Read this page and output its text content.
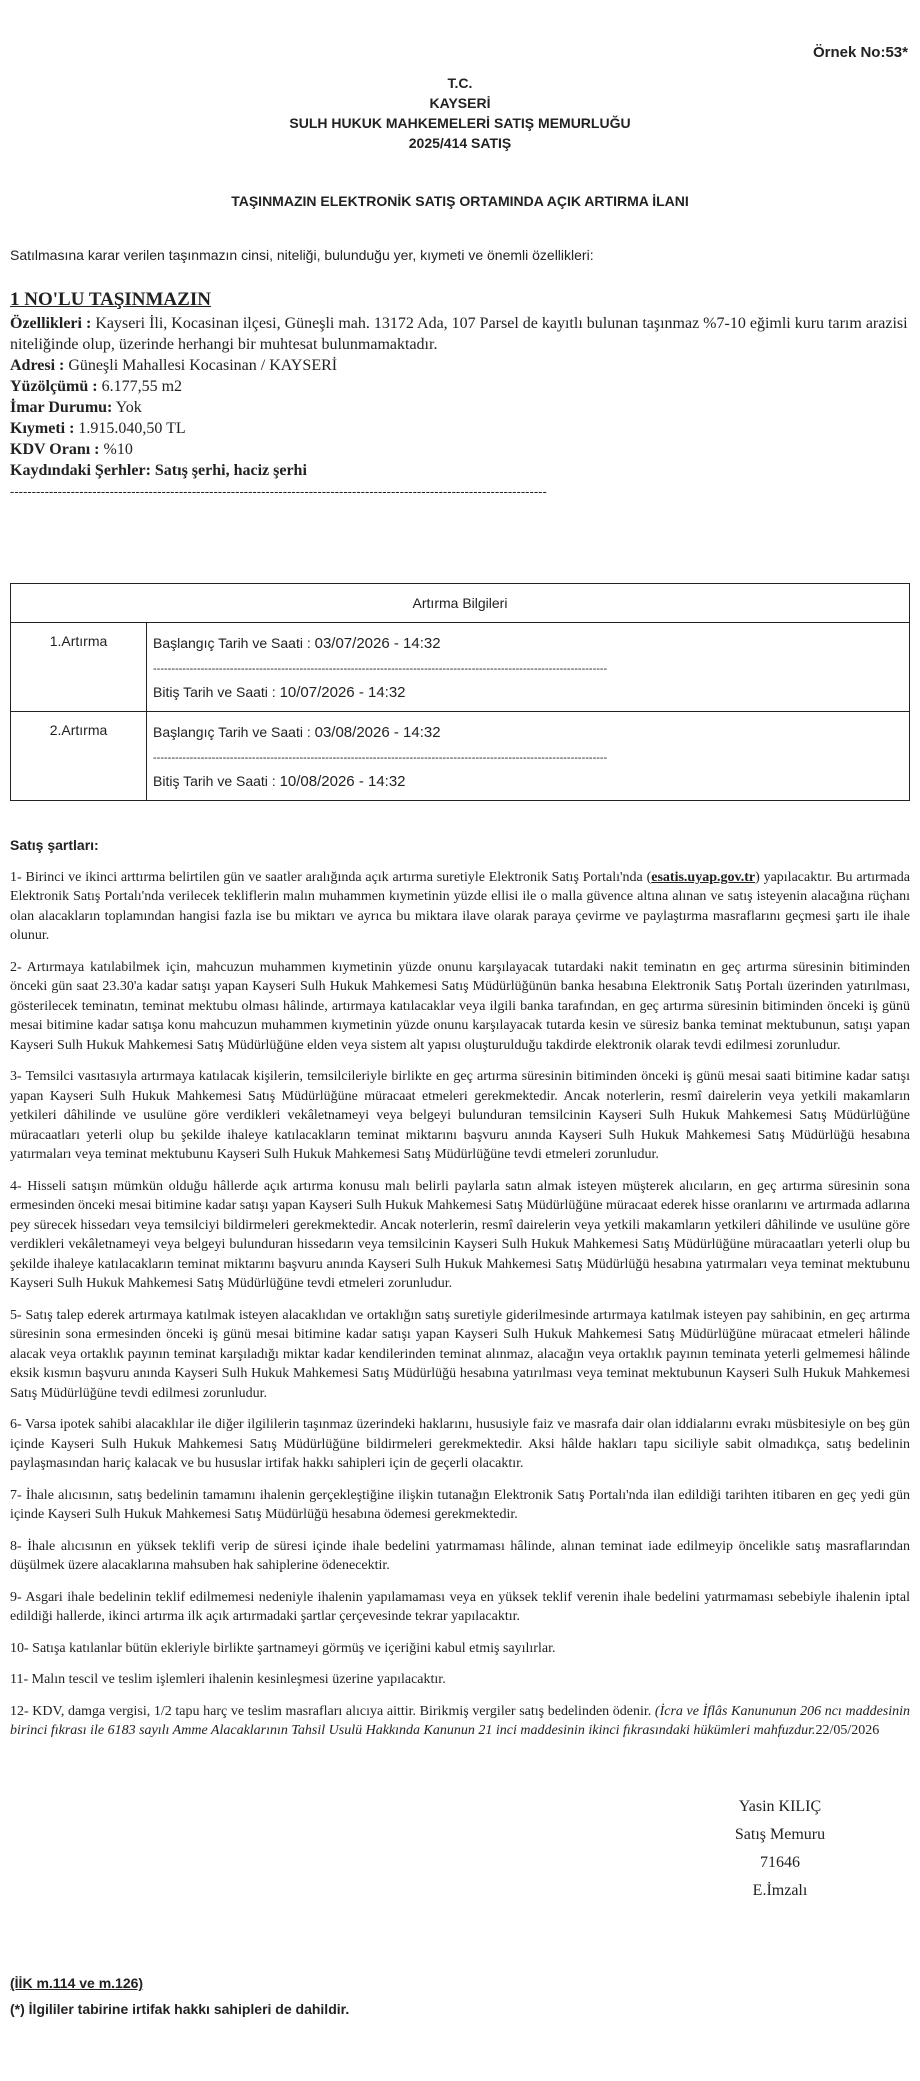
Örnek No:53*
T.C.
KAYSERİ
SULH HUKUK MAHKEMELERİ SATIŞ MEMURLUĞU
2025/414 SATIŞ
TAŞINMAZIN ELEKTRONİK SATIŞ ORTAMINDA AÇIK ARTIRMA İLANI
Satılmasına karar verilen taşınmazın cinsi, niteliği, bulunduğu yer, kıymeti ve önemli özellikleri:
1 NO'LU TAŞINMAZIN
Özellikleri : Kayseri İli, Kocasinan ilçesi, Güneşli mah. 13172 Ada, 107 Parsel de kayıtlı bulunan taşınmaz %7-10 eğimli kuru tarım arazisi niteliğinde olup, üzerinde herhangi bir muhtesat bulunmamaktadır.
Adresi : Güneşli Mahallesi Kocasinan / KAYSERİ
Yüzölçümü : 6.177,55 m2
İmar Durumu: Yok
Kıymeti : 1.915.040,50 TL
KDV Oranı : %10
Kaydındaki Şerhler: Satış şerhi, haciz şerhi
----------------------------------------------------------------------------------------------------------------------------
Artırma Bilgileri	
1.Artırma	Başlangıç Tarih ve Saati : 03/07/2026 - 14:32
----------------------------------------------------------------------------------------------------------------------------
Bitiş Tarih ve Saati : 10/07/2026 - 14:32

2.Artırma	Başlangıç Tarih ve Saati : 03/08/2026 - 14:32
----------------------------------------------------------------------------------------------------------------------------
Bitiş Tarih ve Saati : 10/08/2026 - 14:32
Satış şartları:

1- Birinci ve ikinci arttırma belirtilen gün ve saatler aralığında açık artırma suretiyle Elektronik Satış Portalı'nda (esatis.uyap.gov.tr) yapılacaktır. Bu artırmada Elektronik Satış Portalı'nda verilecek tekliflerin malın muhammen kıymetinin yüzde ellisi ile o malla güvence altına alınan ve satış isteyenin alacağına rüçhanı olan alacakların toplamından hangisi fazla ise bu miktarı ve ayrıca bu miktara ilave olarak paraya çevirme ve paylaştırma masraflarını geçmesi şartı ile ihale olunur.

2- Artırmaya katılabilmek için, mahcuzun muhammen kıymetinin yüzde onunu karşılayacak tutardaki nakit teminatın en geç artırma süresinin bitiminden önceki gün saat 23.30'a kadar satışı yapan Kayseri Sulh Hukuk Mahkemesi Satış Müdürlüğünün banka hesabına Elektronik Satış Portalı üzerinden yatırılması, gösterilecek teminatın, teminat mektubu olması hâlinde, artırmaya katılacaklar veya ilgili banka tarafından, en geç artırma süresinin bitiminden önceki iş günü mesai bitimine kadar satışa konu mahcuzun muhammen kıymetinin yüzde onunu karşılayacak tutarda kesin ve süresiz banka teminat mektubunun, satışı yapan Kayseri Sulh Hukuk Mahkemesi Satış Müdürlüğüne elden veya sistem alt yapısı oluşturulduğu takdirde elektronik olarak tevdi edilmesi zorunludur.

3- Temsilci vasıtasıyla artırmaya katılacak kişilerin, temsilcileriyle birlikte en geç artırma süresinin bitiminden önceki iş günü mesai saati bitimine kadar satışı yapan Kayseri Sulh Hukuk Mahkemesi Satış Müdürlüğüne müracaat etmeleri gerekmektedir. Ancak noterlerin, resmî dairelerin veya yetkili makamların yetkileri dâhilinde ve usulüne göre verdikleri vekâletnameyi veya belgeyi bulunduran temsilcinin Kayseri Sulh Hukuk Mahkemesi Satış Müdürlüğüne müracaatları yeterli olup bu şekilde ihaleye katılacakların teminat miktarını başvuru anında Kayseri Sulh Hukuk Mahkemesi Satış Müdürlüğü hesabına yatırmaları veya teminat mektubunu Kayseri Sulh Hukuk Mahkemesi Satış Müdürlüğüne tevdi etmeleri zorunludur.

4- Hisseli satışın mümkün olduğu hâllerde açık artırma konusu malı belirli paylarla satın almak isteyen müşterek alıcıların, en geç artırma süresinin sona ermesinden önceki mesai bitimine kadar satışı yapan Kayseri Sulh Hukuk Mahkemesi Satış Müdürlüğüne müracaat ederek hisse oranlarını ve artırmada adlarına pey sürecek hissedarı veya temsilciyi bildirmeleri gerekmektedir. Ancak noterlerin, resmî dairelerin veya yetkili makamların yetkileri dâhilinde ve usulüne göre verdikleri vekâletnameyi veya belgeyi bulunduran hissedarın veya temsilcinin Kayseri Sulh Hukuk Mahkemesi Satış Müdürlüğüne müracaatları yeterli olup bu şekilde ihaleye katılacakların teminat miktarını başvuru anında Kayseri Sulh Hukuk Mahkemesi Satış Müdürlüğü hesabına yatırmaları veya teminat mektubunu Kayseri Sulh Hukuk Mahkemesi Satış Müdürlüğüne tevdi etmeleri zorunludur.

5- Satış talep ederek artırmaya katılmak isteyen alacaklıdan ve ortaklığın satış suretiyle giderilmesinde artırmaya katılmak isteyen pay sahibinin, en geç artırma süresinin sona ermesinden önceki iş günü mesai bitimine kadar satışı yapan Kayseri Sulh Hukuk Mahkemesi Satış Müdürlüğüne müracaat etmeleri hâlinde alacak veya ortaklık payının teminat karşıladığı miktar kadar kendilerinden teminat alınmaz, alacağın veya ortaklık payının teminata yeterli gelmemesi hâlinde eksik kısmın başvuru anında Kayseri Sulh Hukuk Mahkemesi Satış Müdürlüğü hesabına yatırılması veya teminat mektubunun Kayseri Sulh Hukuk Mahkemesi Satış Müdürlüğüne tevdi edilmesi zorunludur.

6- Varsa ipotek sahibi alacaklılar ile diğer ilgililerin taşınmaz üzerindeki haklarını, hususiyle faiz ve masrafa dair olan iddialarını evrakı müsbitesiyle on beş gün içinde Kayseri Sulh Hukuk Mahkemesi Satış Müdürlüğüne bildirmeleri gerekmektedir. Aksi hâlde hakları tapu siciliyle sabit olmadıkça, satış bedelinin paylaşmasından hariç kalacak ve bu hususlar irtifak hakkı sahipleri için de geçerli olacaktır.

7- İhale alıcısının, satış bedelinin tamamını ihalenin gerçekleştiğine ilişkin tutanağın Elektronik Satış Portalı'nda ilan edildiği tarihten itibaren en geç yedi gün içinde Kayseri Sulh Hukuk Mahkemesi Satış Müdürlüğü hesabına ödemesi gerekmektedir.

8- İhale alıcısının en yüksek teklifi verip de süresi içinde ihale bedelini yatırmaması hâlinde, alınan teminat iade edilmeyip öncelikle satış masraflarından düşülmek üzere alacaklarına mahsuben hak sahiplerine ödenecektir.

9- Asgari ihale bedelinin teklif edilmemesi nedeniyle ihalenin yapılamaması veya en yüksek teklif verenin ihale bedelini yatırmaması sebebiyle ihalenin iptal edildiği hallerde, ikinci artırma ilk açık artırmadaki şartlar çerçevesinde tekrar yapılacaktır.

10- Satışa katılanlar bütün ekleriyle birlikte şartnameyi görmüş ve içeriğini kabul etmiş sayılırlar.

11- Malın tescil ve teslim işlemleri ihalenin kesinleşmesi üzerine yapılacaktır.

12- KDV, damga vergisi, 1/2 tapu harç ve teslim masrafları alıcıya aittir. Birikmiş vergiler satış bedelinden ödenir. (İcra ve İflâs Kanununun 206 ncı maddesinin birinci fıkrası ile 6183 sayılı Amme Alacaklarının Tahsil Usulü Hakkında Kanunun 21 inci maddesinin ikinci fıkrasındaki hükümleri mahfuzdur.22/05/2026

Yasin KILIÇ
Satış Memuru
71646
E.İmzalı
(İİK m.114 ve m.126)
(*) İlgililer tabirine irtifak hakkı sahipleri de dahildir.
